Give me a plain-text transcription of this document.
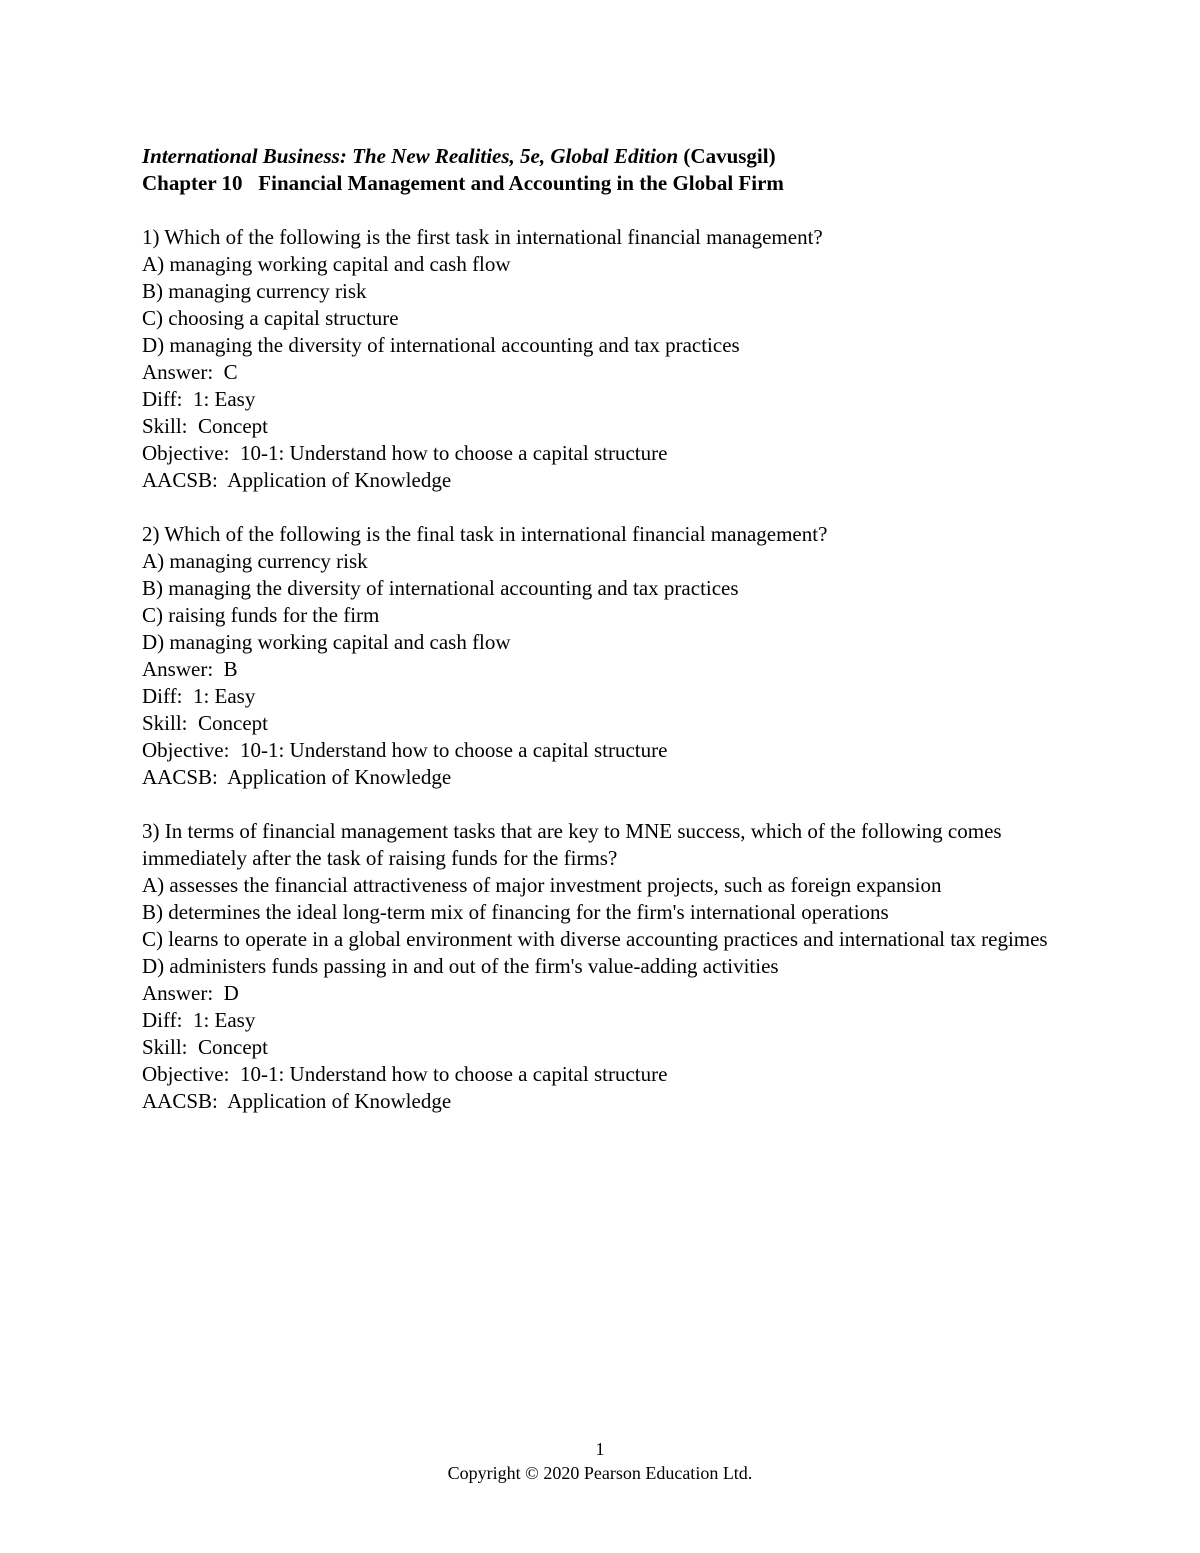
International Business: The New Realities, 5e, Global Edition (Cavusgil)
Chapter 10   Financial Management and Accounting in the Global Firm
1) Which of the following is the first task in international financial management?
A) managing working capital and cash flow
B) managing currency risk
C) choosing a capital structure
D) managing the diversity of international accounting and tax practices
Answer:  C
Diff:  1: Easy
Skill:  Concept
Objective:  10-1: Understand how to choose a capital structure
AACSB:  Application of Knowledge
2) Which of the following is the final task in international financial management?
A) managing currency risk
B) managing the diversity of international accounting and tax practices
C) raising funds for the firm
D) managing working capital and cash flow
Answer:  B
Diff:  1: Easy
Skill:  Concept
Objective:  10-1: Understand how to choose a capital structure
AACSB:  Application of Knowledge
3) In terms of financial management tasks that are key to MNE success, which of the following comes immediately after the task of raising funds for the firms?
A) assesses the financial attractiveness of major investment projects, such as foreign expansion
B) determines the ideal long-term mix of financing for the firm's international operations
C) learns to operate in a global environment with diverse accounting practices and international tax regimes
D) administers funds passing in and out of the firm's value-adding activities
Answer:  D
Diff:  1: Easy
Skill:  Concept
Objective:  10-1: Understand how to choose a capital structure
AACSB:  Application of Knowledge
1
Copyright © 2020 Pearson Education Ltd.
